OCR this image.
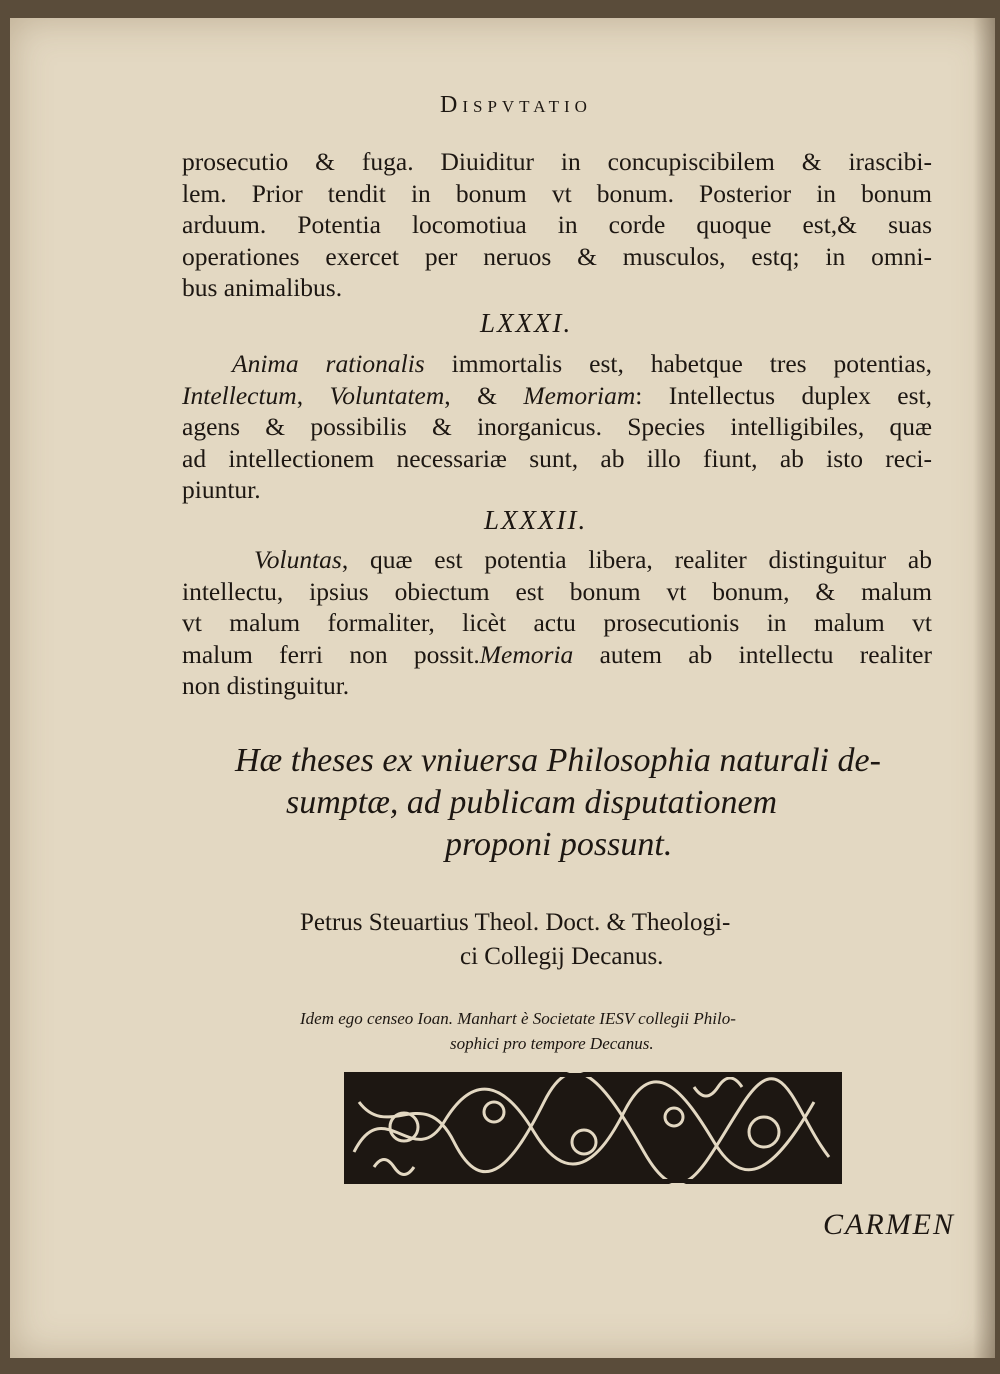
Dispvtatio
prosecutio & fuga. Diuiditur in concupiscibilem & irascibi-
lem. Prior tendit in bonum vt bonum. Posterior in bonum
arduum. Potentia locomotiua in corde quoque est,& suas
operationes exercet per neruos & musculos, estq; in omni-
bus animalibus.
LXXXI.
Anima rationalis immortalis est, habetque tres potentias,
Intellectum, Voluntatem, & Memoriam: Intellectus duplex est,
agens & possibilis & inorganicus. Species intelligibiles, quæ
ad intellectionem necessariæ sunt, ab illo fiunt, ab isto reci-
piuntur.
LXXXII.
Voluntas, quæ est potentia libera, realiter distinguitur ab
intellectu, ipsius obiectum est bonum vt bonum, & malum
vt malum formaliter, licèt actu prosecutionis in malum vt
malum ferri non possit.Memoria autem ab intellectu realiter
non distinguitur.
Hæ theses ex vniuersa Philosophia naturali de-
sumptæ, ad publicam disputationem
proponi possunt.
Petrus Steuartius Theol. Doct. & Theologi-
ci Collegij Decanus.
Idem ego censeo Ioan. Manhart è Societate IESV collegii Philo-
sophici pro tempore Decanus.
CARMEN
